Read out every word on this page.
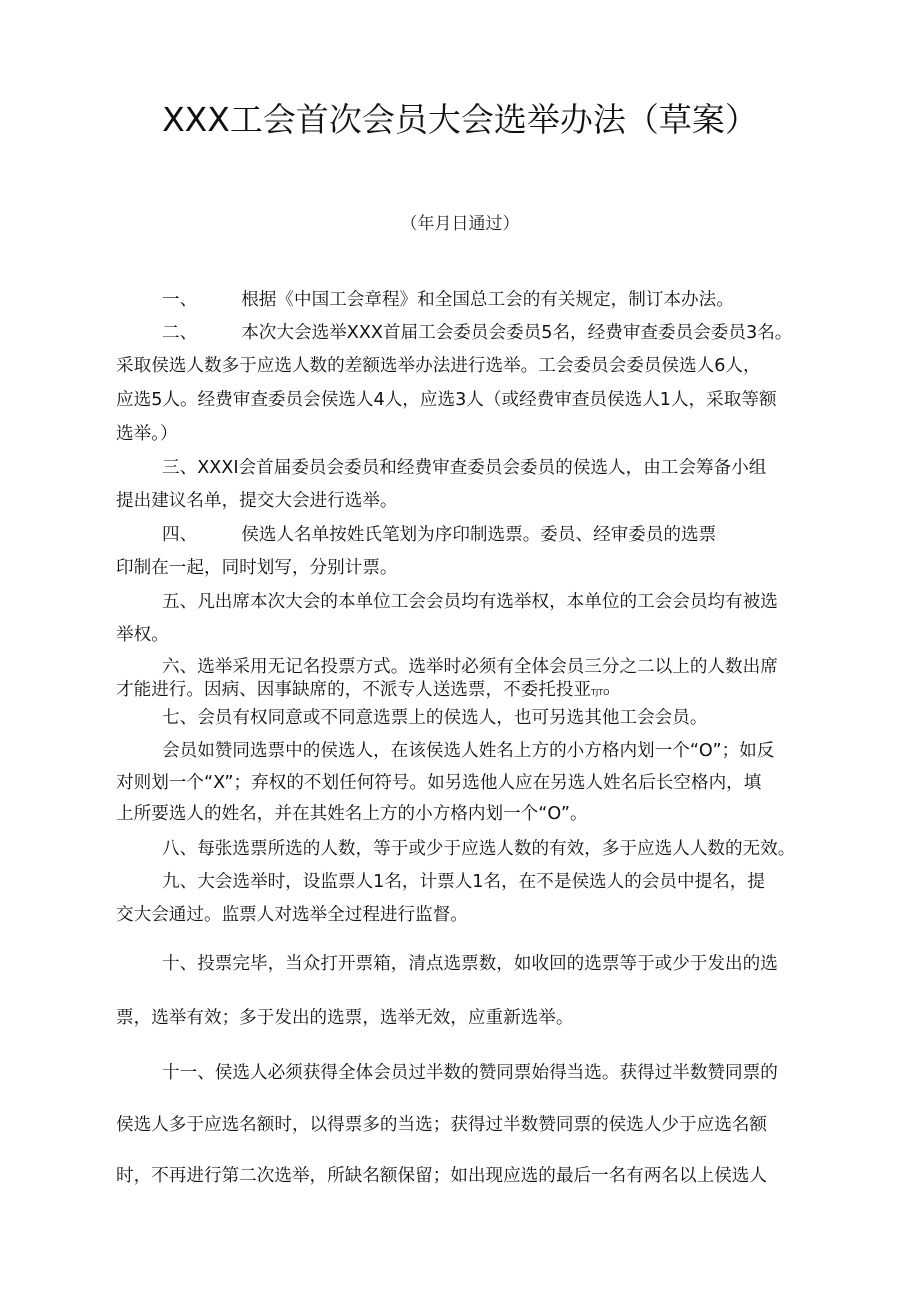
XXX工会首次会员大会选举办法（草案）
（年月日通过）
一、	根据《中国工会章程》和全国总工会的有关规定，制订本办法。
二、	本次大会选举XXX首届工会委员会委员5名，经费审查委员会委员3名。
采取侯选人数多于应选人数的差额选举办法进行选举。工会委员会委员侯选人6人，
应选5人。经费审查委员会侯选人4人，应选3人（或经费审查员侯选人1人，采取等额
选举。）
三、XXXI会首届委员会委员和经费审查委员会委员的侯选人，由工会筹备小组
提出建议名单，提交大会进行选举。
四、	侯选人名单按姓氏笔划为序印制选票。委员、经审委员的选票
印制在一起，同时划写，分别计票。
五、凡出席本次大会的本单位工会会员均有选举权，本单位的工会会员均有被选
举权。
六、选举采用无记名投票方式。选举时必须有全体会员三分之二以上的人数出席
才能进行。因病、因事缺席的，不派专人送选票，不委托投亚TJTO
七、会员有权同意或不同意选票上的侯选人，也可另选其他工会会员。
会员如赞同选票中的侯选人，在该侯选人姓名上方的小方格内划一个“O”；如反
对则划一个“X”；弃权的不划任何符号。如另选他人应在另选人姓名后长空格内，填
上所要选人的姓名，并在其姓名上方的小方格内划一个“O”。
八、每张选票所选的人数，等于或少于应选人数的有效，多于应选人人数的无效。
九、大会选举时，设监票人1名，计票人1名，在不是侯选人的会员中提名，提
交大会通过。监票人对选举全过程进行监督。
十、投票完毕，当众打开票箱，清点选票数，如收回的选票等于或少于发出的选
票，选举有效；多于发出的选票，选举无效，应重新选举。
十一、侯选人必须获得全体会员过半数的赞同票始得当选。获得过半数赞同票的
侯选人多于应选名额时，以得票多的当选；获得过半数赞同票的侯选人少于应选名额
时，不再进行第二次选举，所缺名额保留；如出现应选的最后一名有两名以上侯选人
